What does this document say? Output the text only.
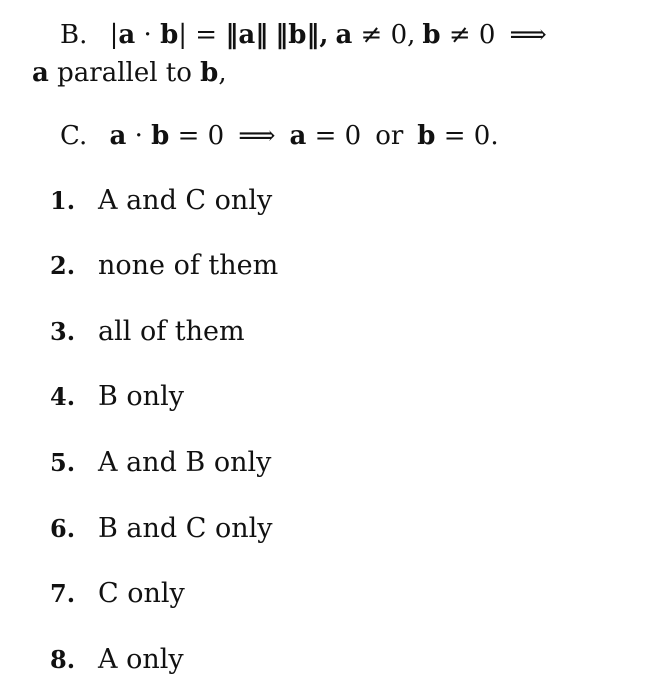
B. |a · b| = ‖a‖ ‖b‖, a ≠ 0, b ≠ 0 ⟹
a parallel to b,
C. a · b = 0 ⟹ a = 0 or b = 0.
1. A and C only
2. none of them
3. all of them
4. B only
5. A and B only
6. B and C only
7. C only
8. A only
